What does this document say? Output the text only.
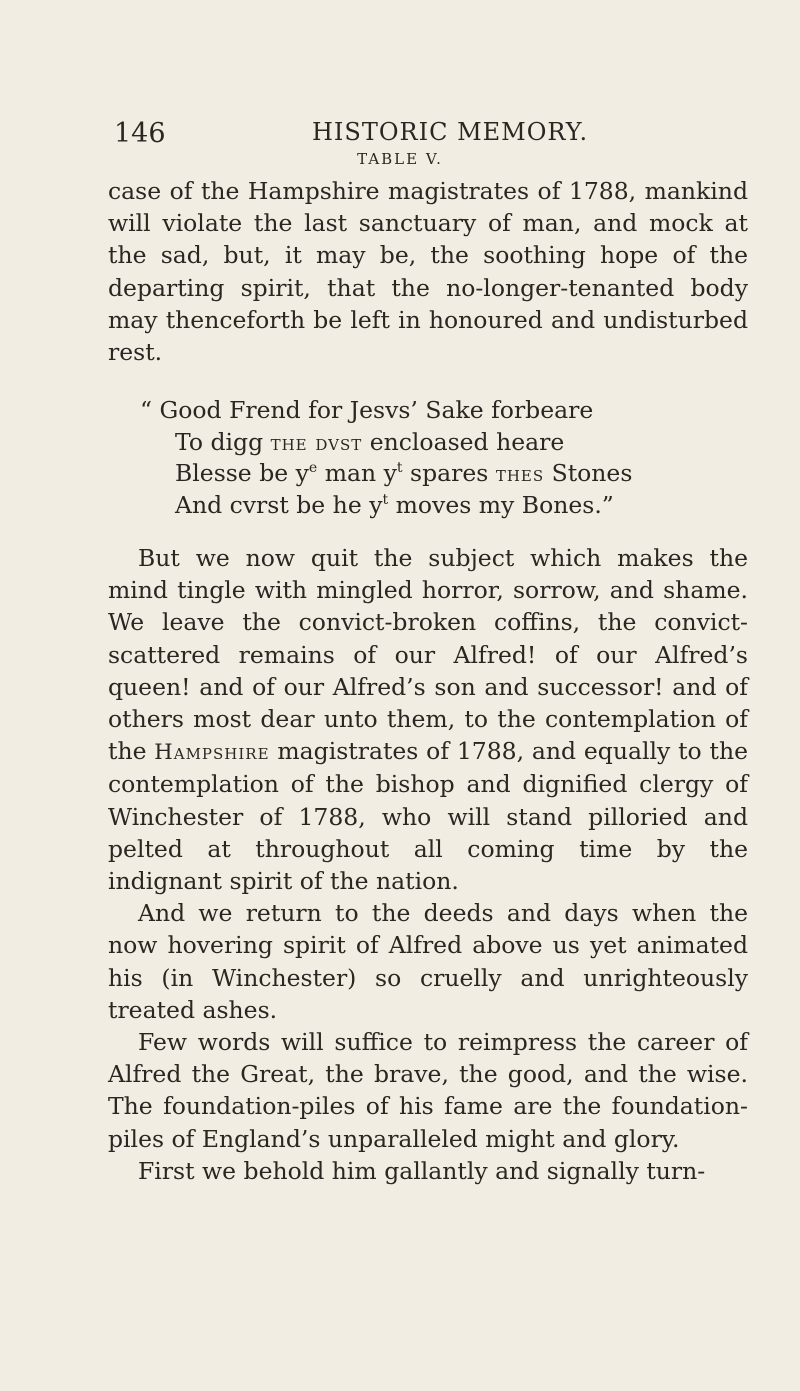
146	HISTORIC MEMORY.
TABLE V.

case of the Hampshire magistrates of 1788, mankind will violate the last sanctuary of man, and mock at the sad, but, it may be, the soothing hope of the departing spirit, that the no-longer-tenanted body may thenceforth be left in honoured and undisturbed rest.

“ Good Frend for Jesvs’ Sake forbeare
To digg the dvst encloased heare
Blesse be $y^e$ man $y^t$ spares thes Stones
And cvrst be he $y^t$ moves my Bones.”

But we now quit the subject which makes the mind tingle with mingled horror, sorrow, and shame. We leave the convict-broken coffins, the convict-scattered remains of our Alfred! of our Alfred’s queen! and of our Alfred’s son and successor! and of others most dear unto them, to the contemplation of the Hampshire magistrates of 1788, and equally to the contemplation of the bishop and dignified clergy of Winchester of 1788, who will stand pilloried and pelted at throughout all coming time by the indignant spirit of the nation.

And we return to the deeds and days when the now hovering spirit of Alfred above us yet animated his (in Winchester) so cruelly and unrighteously treated ashes.

Few words will suffice to reimpress the career of Alfred the Great, the brave, the good, and the wise. The foundation-piles of his fame are the foundation-piles of England’s unparalleled might and glory.

First we behold him gallantly and signally turn-
